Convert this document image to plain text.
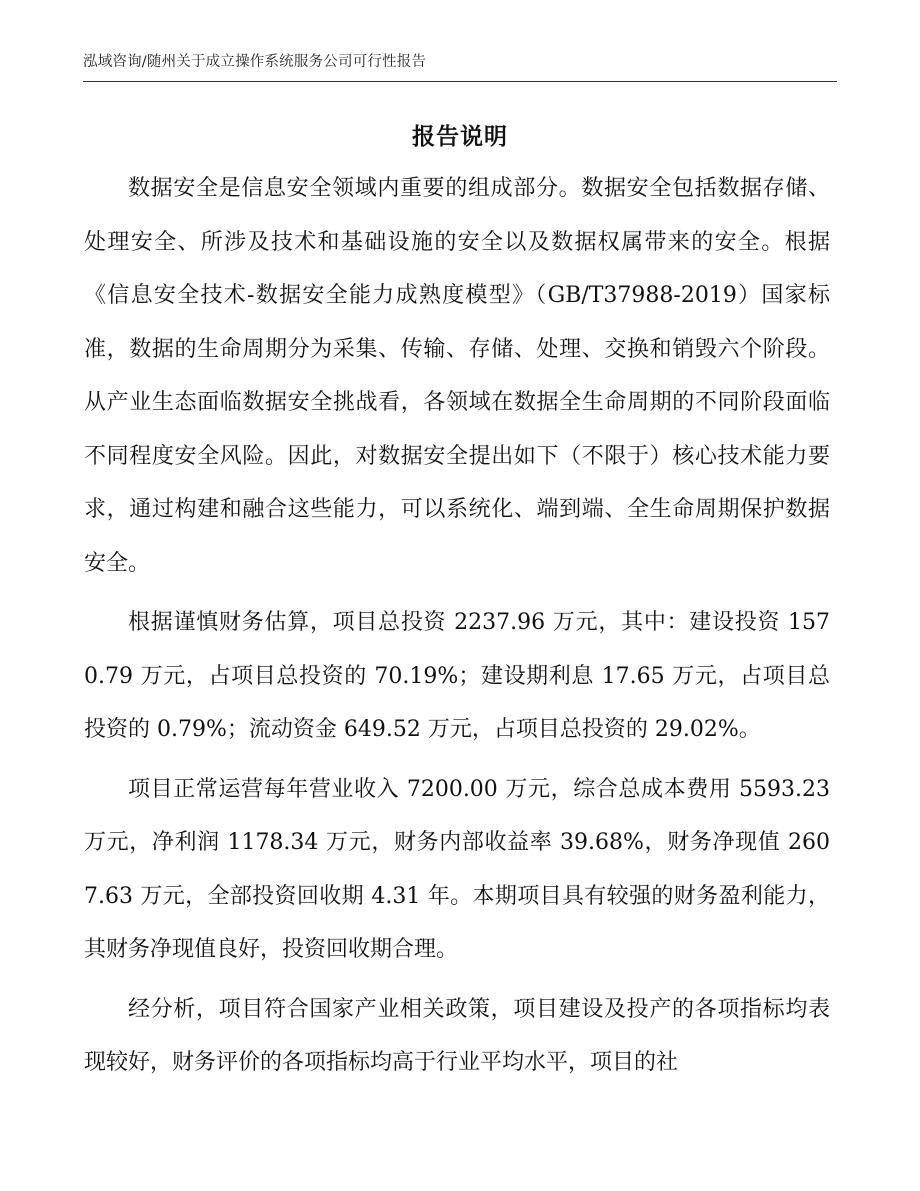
泓域咨询/随州关于成立操作系统服务公司可行性报告
报告说明

数据安全是信息安全领域内重要的组成部分。数据安全包括数据存储、处理安全、所涉及技术和基础设施的安全以及数据权属带来的安全。根据《信息安全技术-数据安全能力成熟度模型》（GB/T37988-2019）国家标准，数据的生命周期分为采集、传输、存储、处理、交换和销毁六个阶段。从产业生态面临数据安全挑战看，各领域在数据全生命周期的不同阶段面临不同程度安全风险。因此，对数据安全提出如下（不限于）核心技术能力要求，通过构建和融合这些能力，可以系统化、端到端、全生命周期保护数据安全。

根据谨慎财务估算，项目总投资 2237.96 万元，其中：建设投资 1570.79 万元，占项目总投资的 70.19%；建设期利息 17.65 万元，占项目总投资的 0.79%；流动资金 649.52 万元，占项目总投资的 29.02%。

项目正常运营每年营业收入 7200.00 万元，综合总成本费用 5593.23 万元，净利润 1178.34 万元，财务内部收益率 39.68%，财务净现值 2607.63 万元，全部投资回收期 4.31 年。本期项目具有较强的财务盈利能力，其财务净现值良好，投资回收期合理。

经分析，项目符合国家产业相关政策，项目建设及投产的各项指标均表现较好，财务评价的各项指标均高于行业平均水平，项目的社
